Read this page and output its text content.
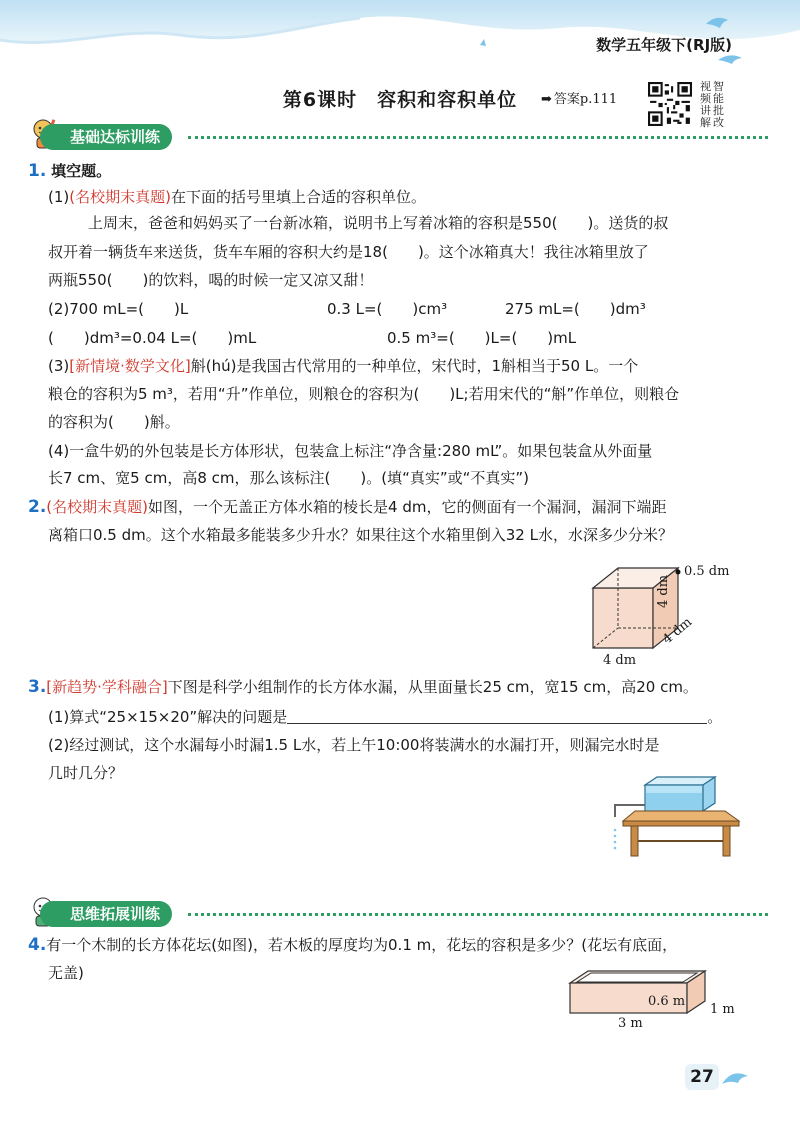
数学五年级下(RJ版)
第6课时　容积和容积单位	➡ 答案p.111
视智
频能
讲批
解改
基础达标训练
1. 填空题。
(1)(名校期末真题)在下面的括号里填上合适的容积单位。
上周末，爸爸和妈妈买了一台新冰箱，说明书上写着冰箱的容积是550(　　)。送货的叔
叔开着一辆货车来送货，货车车厢的容积大约是18(　　)。这个冰箱真大！我往冰箱里放了
两瓶550(　　)的饮料，喝的时候一定又凉又甜！
(2)700 mL=(　　)L	0.3 L=(　　)cm³	275 mL=(　　)dm³
(　　)dm³=0.04 L=(　　)mL	0.5 m³=(　　)L=(　　)mL
(3)[新情境·数学文化]斛(hú)是我国古代常用的一种单位，宋代时，1斛相当于50 L。一个
粮仓的容积为5 m³，若用“升”作单位，则粮仓的容积为(　　)L;若用宋代的“斛”作单位，则粮仓
的容积为(　　)斛。
(4)一盒牛奶的外包装是长方体形状，包装盒上标注“净含量:280 mL”。如果包装盒从外面量
长7 cm、宽5 cm，高8 cm，那么该标注(　　)。(填“真实”或“不真实”)
2.(名校期末真题)如图，一个无盖正方体水箱的棱长是4 dm，它的侧面有一个漏洞，漏洞下端距
离箱口0.5 dm。这个水箱最多能装多少升水？如果往这个水箱里倒入32 L水，水深多少分米？
0.5 dm
4 dm
4 dm
4 dm
3.[新趋势·学科融合]下图是科学小组制作的长方体水漏，从里面量长25 cm，宽15 cm，高20 cm。
(1)算式“25×15×20”解决的问题是	。
(2)经过测试，这个水漏每小时漏1.5 L水，若上午10:00将装满水的水漏打开，则漏完水时是
几时几分？
思维拓展训练
4.有一个木制的长方体花坛(如图)，若木板的厚度均为0.1 m，花坛的容积是多少？(花坛有底面，
无盖)
0.6 m
1 m
3 m
27
